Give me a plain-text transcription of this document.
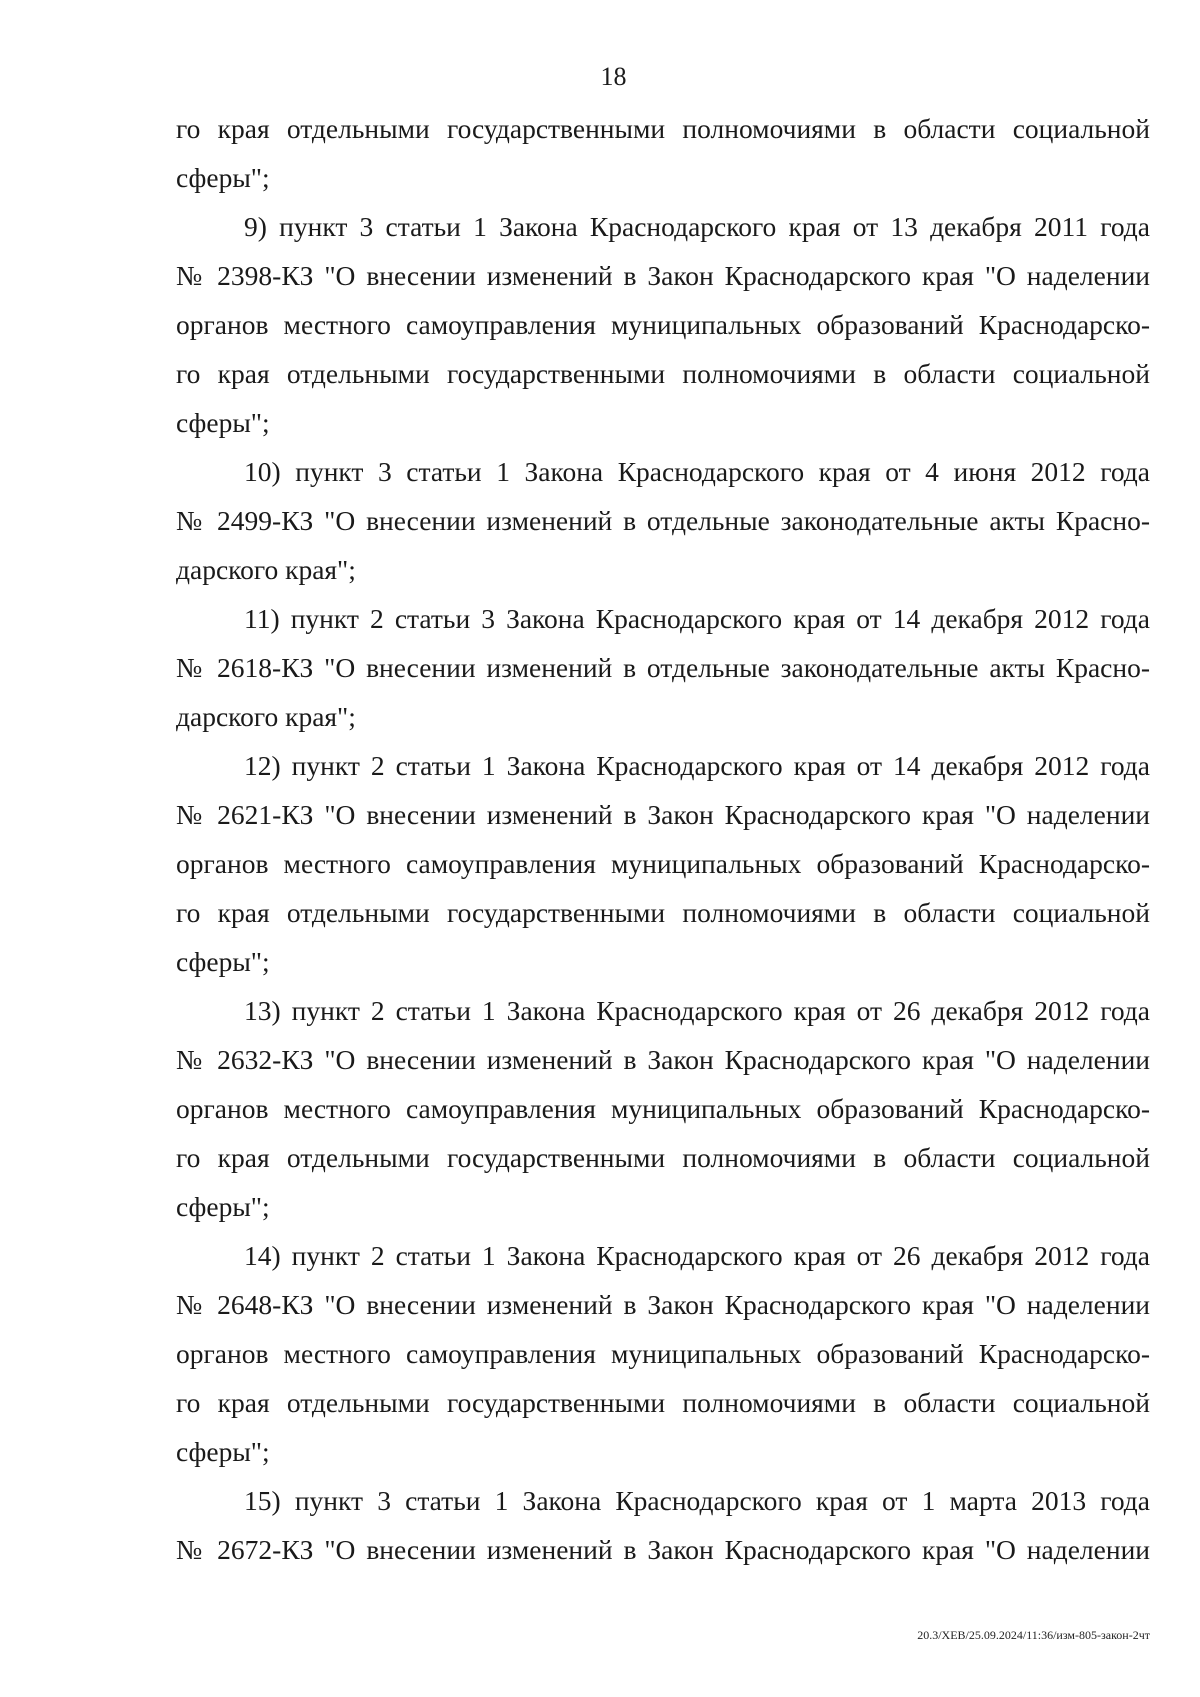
18
го края отдельными государственными полномочиями в области социальной
сферы";
9) пункт 3 статьи 1 Закона Краснодарского края от 13 декабря 2011 года
№ 2398-КЗ "О внесении изменений в Закон Краснодарского края "О наделении
органов местного самоуправления муниципальных образований Краснодарско-
го края отдельными государственными полномочиями в области социальной
сферы";
10) пункт 3 статьи 1 Закона Краснодарского края от 4 июня 2012 года
№ 2499-КЗ "О внесении изменений в отдельные законодательные акты Красно-
дарского края";
11) пункт 2 статьи 3 Закона Краснодарского края от 14 декабря 2012 года
№ 2618-КЗ "О внесении изменений в отдельные законодательные акты Красно-
дарского края";
12) пункт 2 статьи 1 Закона Краснодарского края от 14 декабря 2012 года
№ 2621-КЗ "О внесении изменений в Закон Краснодарского края "О наделении
органов местного самоуправления муниципальных образований Краснодарско-
го края отдельными государственными полномочиями в области социальной
сферы";
13) пункт 2 статьи 1 Закона Краснодарского края от 26 декабря 2012 года
№ 2632-КЗ "О внесении изменений в Закон Краснодарского края "О наделении
органов местного самоуправления муниципальных образований Краснодарско-
го края отдельными государственными полномочиями в области социальной
сферы";
14) пункт 2 статьи 1 Закона Краснодарского края от 26 декабря 2012 года
№ 2648-КЗ "О внесении изменений в Закон Краснодарского края "О наделении
органов местного самоуправления муниципальных образований Краснодарско-
го края отдельными государственными полномочиями в области социальной
сферы";
15) пункт 3 статьи 1 Закона Краснодарского края от 1 марта 2013 года
№ 2672-КЗ "О внесении изменений в Закон Краснодарского края "О наделении
20.3/ХЕВ/25.09.2024/11:36/изм-805-закон-2чт
